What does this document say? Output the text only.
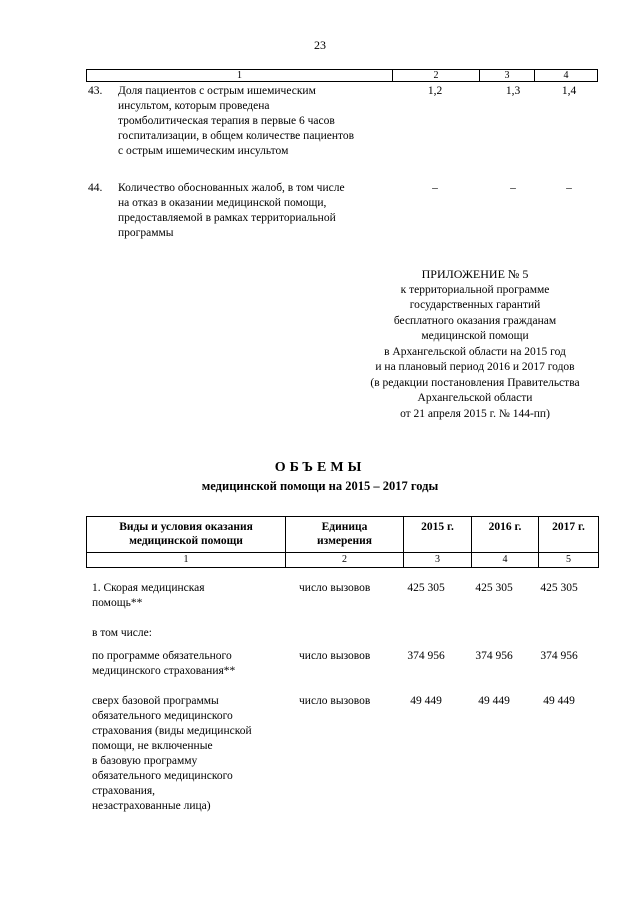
23
1	2	3	4
43. Доля пациентов с острым ишемическим
инсультом, которым проведена
тромболитическая терапия в первые 6 часов
госпитализации, в общем количестве пациентов
с острым ишемическим инсультом
1,2	1,3	1,4
44. Количество обоснованных жалоб, в том числе
на отказ в оказании медицинской помощи,
предоставляемой в рамках территориальной
программы
–	–	–
ПРИЛОЖЕНИЕ № 5
к территориальной программе
государственных гарантий
бесплатного оказания гражданам
медицинской помощи
в Архангельской области на 2015 год
и на плановый период 2016 и 2017 годов
(в редакции постановления Правительства
Архангельской области
от 21 апреля 2015 г. № 144-пп)
ОБЪЕМЫ
медицинской помощи на 2015 – 2017 годы
Виды и условия оказания
медицинской помощи
Единица
измерения
2015 г.	2016 г.	2017 г.
1	2	3	4	5
1. Скорая медицинская
помощь**
число вызовов	425 305	425 305	425 305
в том числе:
по программе обязательного
медицинского страхования**
число вызовов	374 956	374 956	374 956
сверх базовой программы
обязательного медицинского
страхования (виды медицинской
помощи, не включенные
в базовую программу
обязательного медицинского
страхования,
незастрахованные лица)
число вызовов	49 449	49 449	49 449
